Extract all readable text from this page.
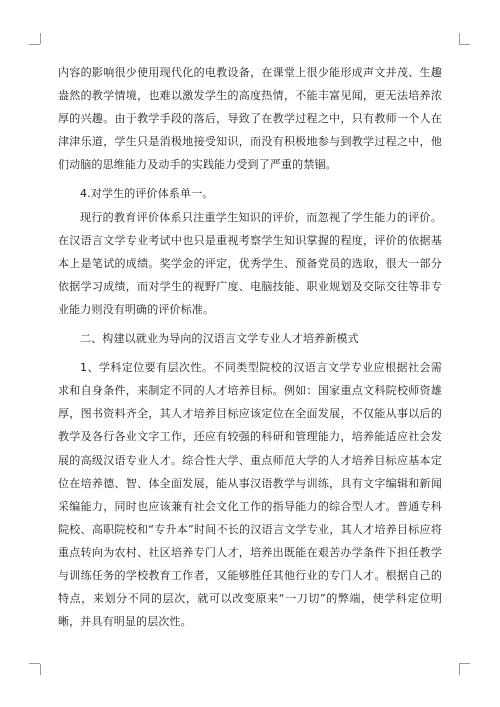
内容的影响很少使用现代化的电教设备，在课堂上很少能形成声文并茂、生趣盎然的教学情境，也难以激发学生的高度热情，不能丰富见闻，更无法培养浓厚的兴趣。由于教学手段的落后，导致了在教学过程之中，只有教师一个人在津津乐道，学生只是消极地接受知识，而没有积极地参与到教学过程之中，他们动脑的思维能力及动手的实践能力受到了严重的禁锢。

4.对学生的评价体系单一。

现行的教育评价体系只注重学生知识的评价，而忽视了学生能力的评价。在汉语言文学专业考试中也只是重视考察学生知识掌握的程度，评价的依据基本上是笔试的成绩。奖学金的评定，优秀学生、预备党员的选取，很大一部分依据学习成绩，而对学生的视野广度、电脑技能、职业规划及交际交往等非专业能力则没有明确的评价标准。

二、构建以就业为导向的汉语言文学专业人才培养新模式

1、学科定位要有层次性。不同类型院校的汉语言文学专业应根据社会需求和自身条件，来制定不同的人才培养目标。例如：国家重点文科院校师资雄厚，图书资料齐全，其人才培养目标应该定位在全面发展，不仅能从事以后的教学及各行各业文字工作，还应有较强的科研和管理能力，培养能适应社会发展的高级汉语专业人才。综合性大学、重点师范大学的人才培养目标应基本定位在培养德、智、体全面发展，能从事汉语教学与训练，具有文字编辑和新闻采编能力，同时也应该兼有社会文化工作的指导能力的综合型人才。普通专科院校、高职院校和“专升本”时间不长的汉语言文学专业，其人才培养目标应将重点转向为农村、社区培养专门人才，培养出既能在艰苦办学条件下担任教学与训练任务的学校教育工作者，又能够胜任其他行业的专门人才。根据自己的特点，来划分不同的层次，就可以改变原来“一刀切”的弊端，使学科定位明晰，并具有明显的层次性。
